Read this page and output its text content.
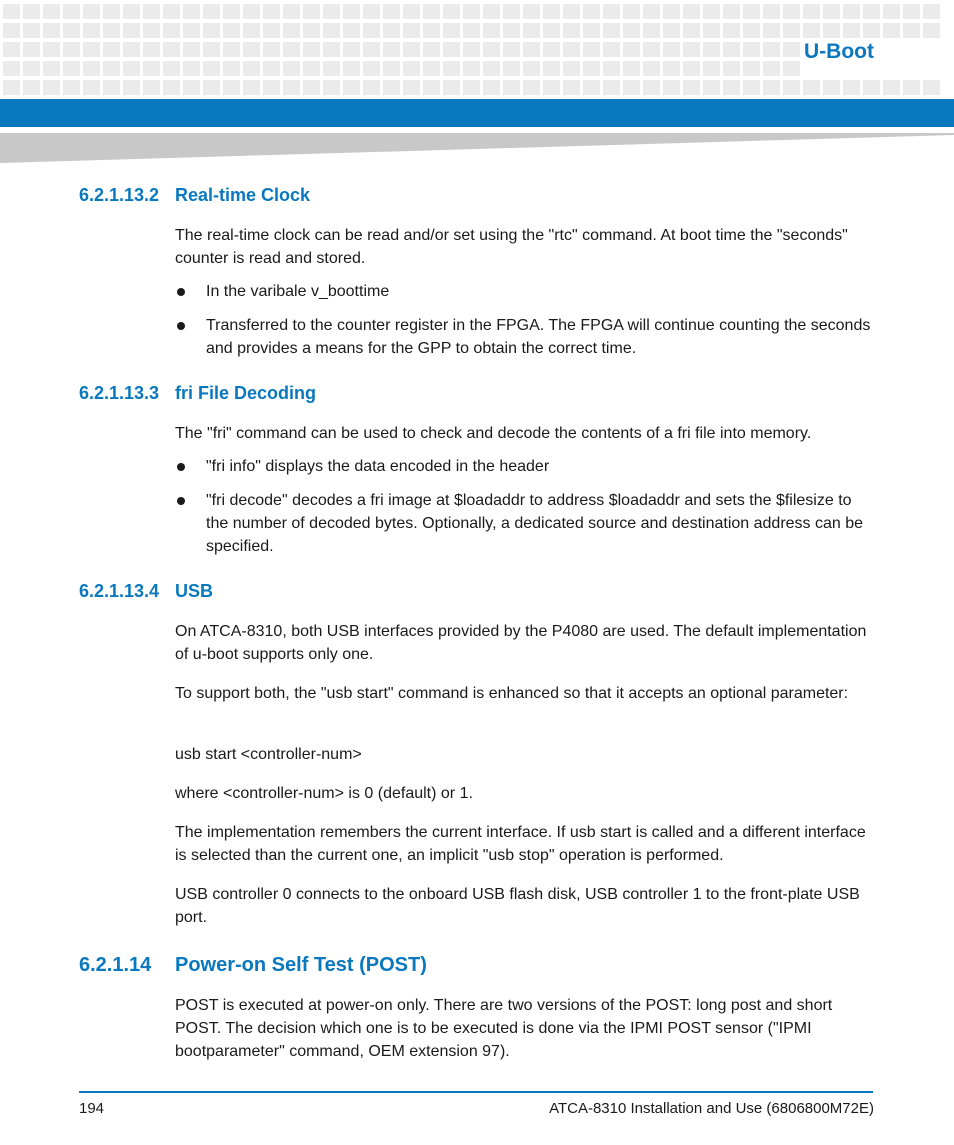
U-Boot
6.2.1.13.2 Real-time Clock
The real-time clock can be read and/or set using the "rtc" command. At boot time the "seconds" counter is read and stored.
In the varibale v_boottime
Transferred to the counter register in the FPGA. The FPGA will continue counting the seconds and provides a means for the GPP to obtain the correct time.
6.2.1.13.3 fri File Decoding
The "fri" command can be used to check and decode the contents of a fri file into memory.
"fri info" displays the data encoded in the header
"fri decode" decodes a fri image at $loadaddr to address $loadaddr and sets the $filesize to the number of decoded bytes. Optionally, a dedicated source and destination address can be specified.
6.2.1.13.4 USB
On ATCA-8310, both USB interfaces provided by the P4080 are used. The default implementation of u-boot supports only one.
To support both, the "usb start" command is enhanced so that it accepts an optional parameter:
usb start <controller-num>
where <controller-num> is 0 (default) or 1.
The implementation remembers the current interface. If usb start is called and a different interface is selected than the current one, an implicit "usb stop" operation is performed.
USB controller 0 connects to the onboard USB flash disk, USB controller 1 to the front-plate USB port.
6.2.1.14 Power-on Self Test (POST)
POST is executed at power-on only. There are two versions of the POST: long post and short POST. The decision which one is to be executed is done via the IPMI POST sensor ("IPMI bootparameter" command, OEM extension 97).
194	ATCA-8310 Installation and Use (6806800M72E)
